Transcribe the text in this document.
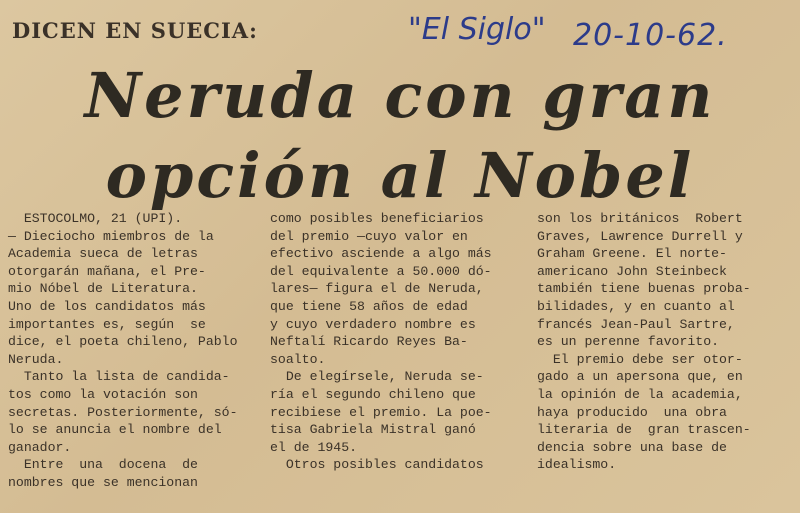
DICEN EN SUECIA:	"El Siglo" 20-10-62.
Neruda con gran
opción al Nobel
ESTOCOLMO, 21 (UPI).
— Dieciocho miembros de la
Academia sueca de letras
otorgarán mañana, el Pre-
mio Nóbel de Literatura.
Uno de los candidatos más
importantes es, según  se
dice, el poeta chileno, Pablo
Neruda.
Tanto la lista de candida-
tos como la votación son
secretas. Posteriormente, só-
lo se anuncia el nombre del
ganador.
Entre  una  docena  de
nombres que se mencionan
como posibles beneficiarios
del premio —cuyo valor en
efectivo asciende a algo más
del equivalente a 50.000 dó-
lares— figura el de Neruda,
que tiene 58 años de edad
y cuyo verdadero nombre es
Neftalí Ricardo Reyes Ba-
soalto.
De elegírsele, Neruda se-
ría el segundo chileno que
recibiese el premio. La poe-
tisa Gabriela Mistral ganó
el de 1945.
Otros posibles candidatos
son los británicos  Robert
Graves, Lawrence Durrell y
Graham Greene. El norte-
americano John Steinbeck
también tiene buenas proba-
bilidades, y en cuanto al
francés Jean-Paul Sartre,
es un perenne favorito.
El premio debe ser otor-
gado a un apersona que, en
la opinión de la academia,
haya producido  una obra
literaria de  gran trascen-
dencia sobre una base de
idealismo.
